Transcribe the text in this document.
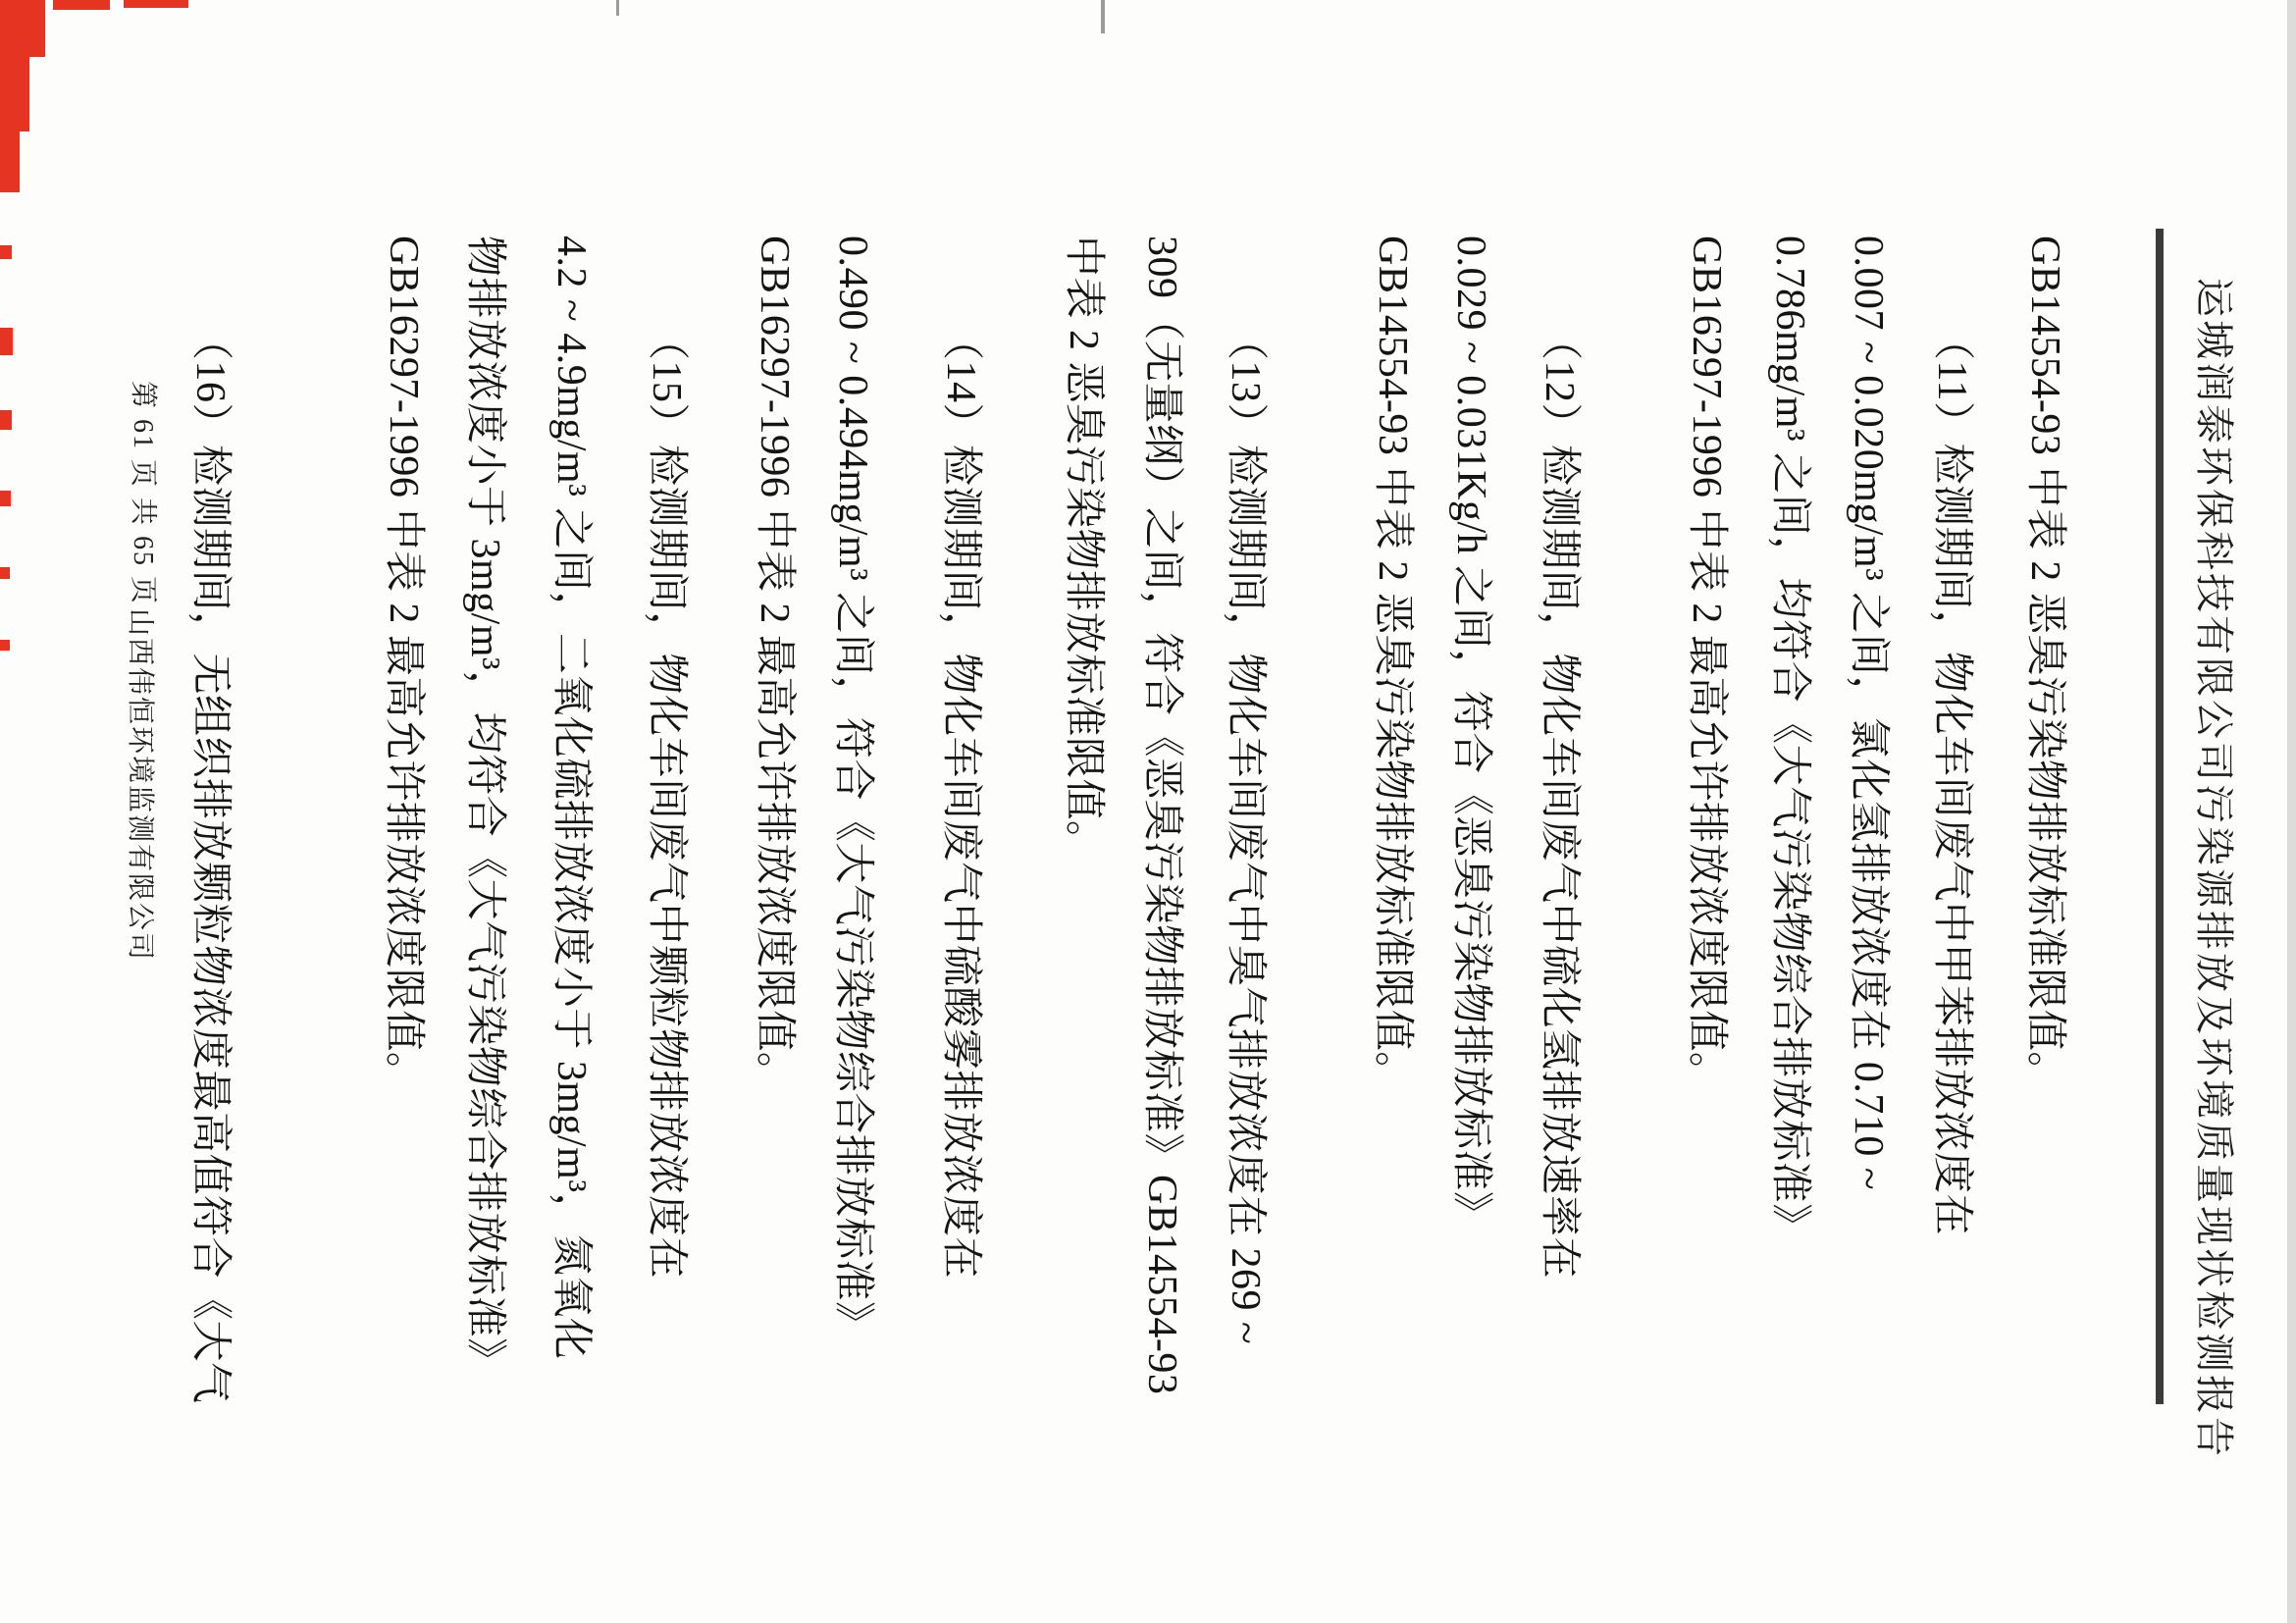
运城润泰环保科技有限公司污染源排放及环境质量现状检测报告
GB14554-93 中表 2 恶臭污染物排放标准限值。
（11）检测期间，物化车间废气中甲苯排放浓度在
0.007 ~ 0.020mg/m³ 之间，氯化氢排放浓度在 0.710 ~
0.786mg/m³ 之间，均符合《大气污染物综合排放标准》
GB16297-1996 中表 2 最高允许排放浓度限值。
（12）检测期间，物化车间废气中硫化氢排放速率在
0.029 ~ 0.031Kg/h 之间，符合《恶臭污染物排放标准》
GB14554-93 中表 2 恶臭污染物排放标准限值。
（13）检测期间，物化车间废气中臭气排放浓度在 269 ~
309（无量纲）之间，符合《恶臭污染物排放标准》GB14554-93
中表 2 恶臭污染物排放标准限值。
（14）检测期间，物化车间废气中硫酸雾排放浓度在
0.490 ~ 0.494mg/m³ 之间，符合《大气污染物综合排放标准》
GB16297-1996 中表 2 最高允许排放浓度限值。
（15）检测期间，物化车间废气中颗粒物排放浓度在
4.2 ~ 4.9mg/m³ 之间，二氧化硫排放浓度小于 3mg/m³，氮氧化
物排放浓度小于 3mg/m³，均符合《大气污染物综合排放标准》
GB16297-1996 中表 2 最高允许排放浓度限值。
（16）检测期间，无组织排放颗粒物浓度最高值符合《大气
第 61 页 共 65 页
山西伟恒环境监测有限公司
